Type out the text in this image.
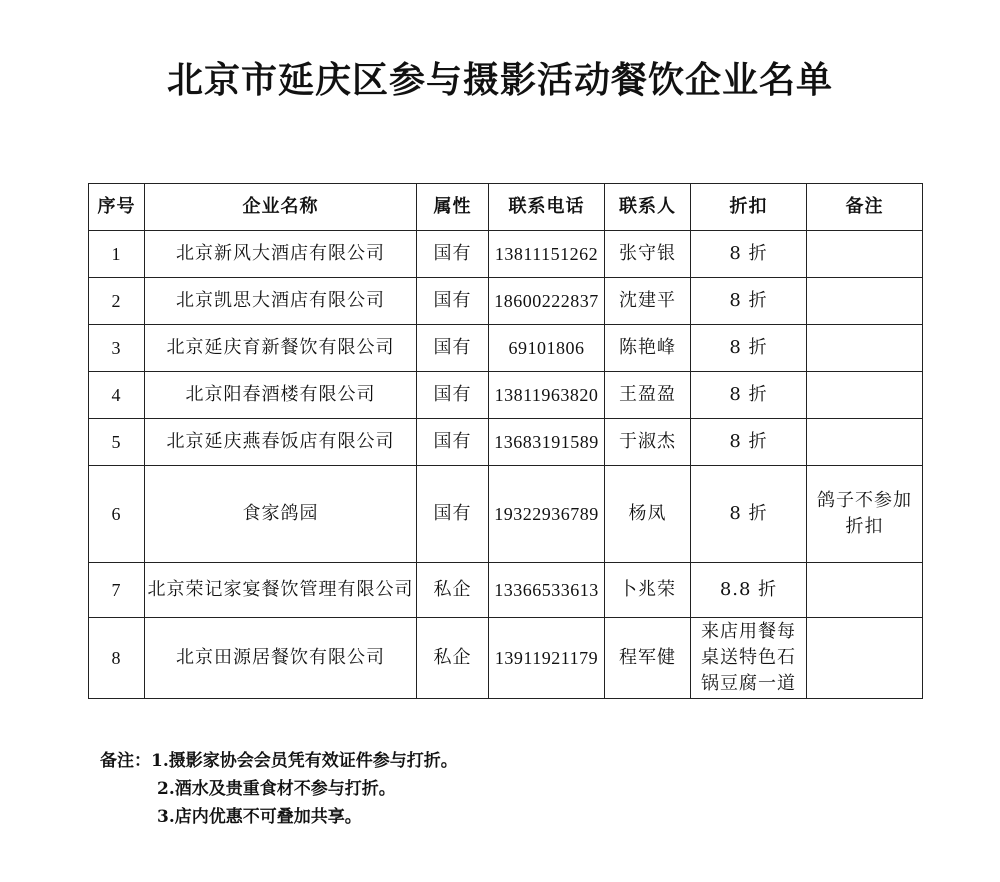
北京市延庆区参与摄影活动餐饮企业名单
序号	企业名称	属性	联系电话	联系人	折扣	备注
1	北京新风大酒店有限公司	国有	13811151262	张守银	8 折	
2	北京凯思大酒店有限公司	国有	18600222837	沈建平	8 折	
3	北京延庆育新餐饮有限公司	国有	69101806	陈艳峰	8 折	
4	北京阳春酒楼有限公司	国有	13811963820	王盈盈	8 折	
5	北京延庆燕春饭店有限公司	国有	13683191589	于淑杰	8 折	
6	食家鸽园	国有	19322936789	杨凤	8 折	鸽子不参加折扣
7	北京荣记家宴餐饮管理有限公司	私企	13366533613	卜兆荣	8.8 折	
8	北京田源居餐饮有限公司	私企	13911921179	程军健	来店用餐每桌送特色石锅豆腐一道	
备注：1.摄影家协会会员凭有效证件参与打折。
2.酒水及贵重食材不参与打折。
3.店内优惠不可叠加共享。
